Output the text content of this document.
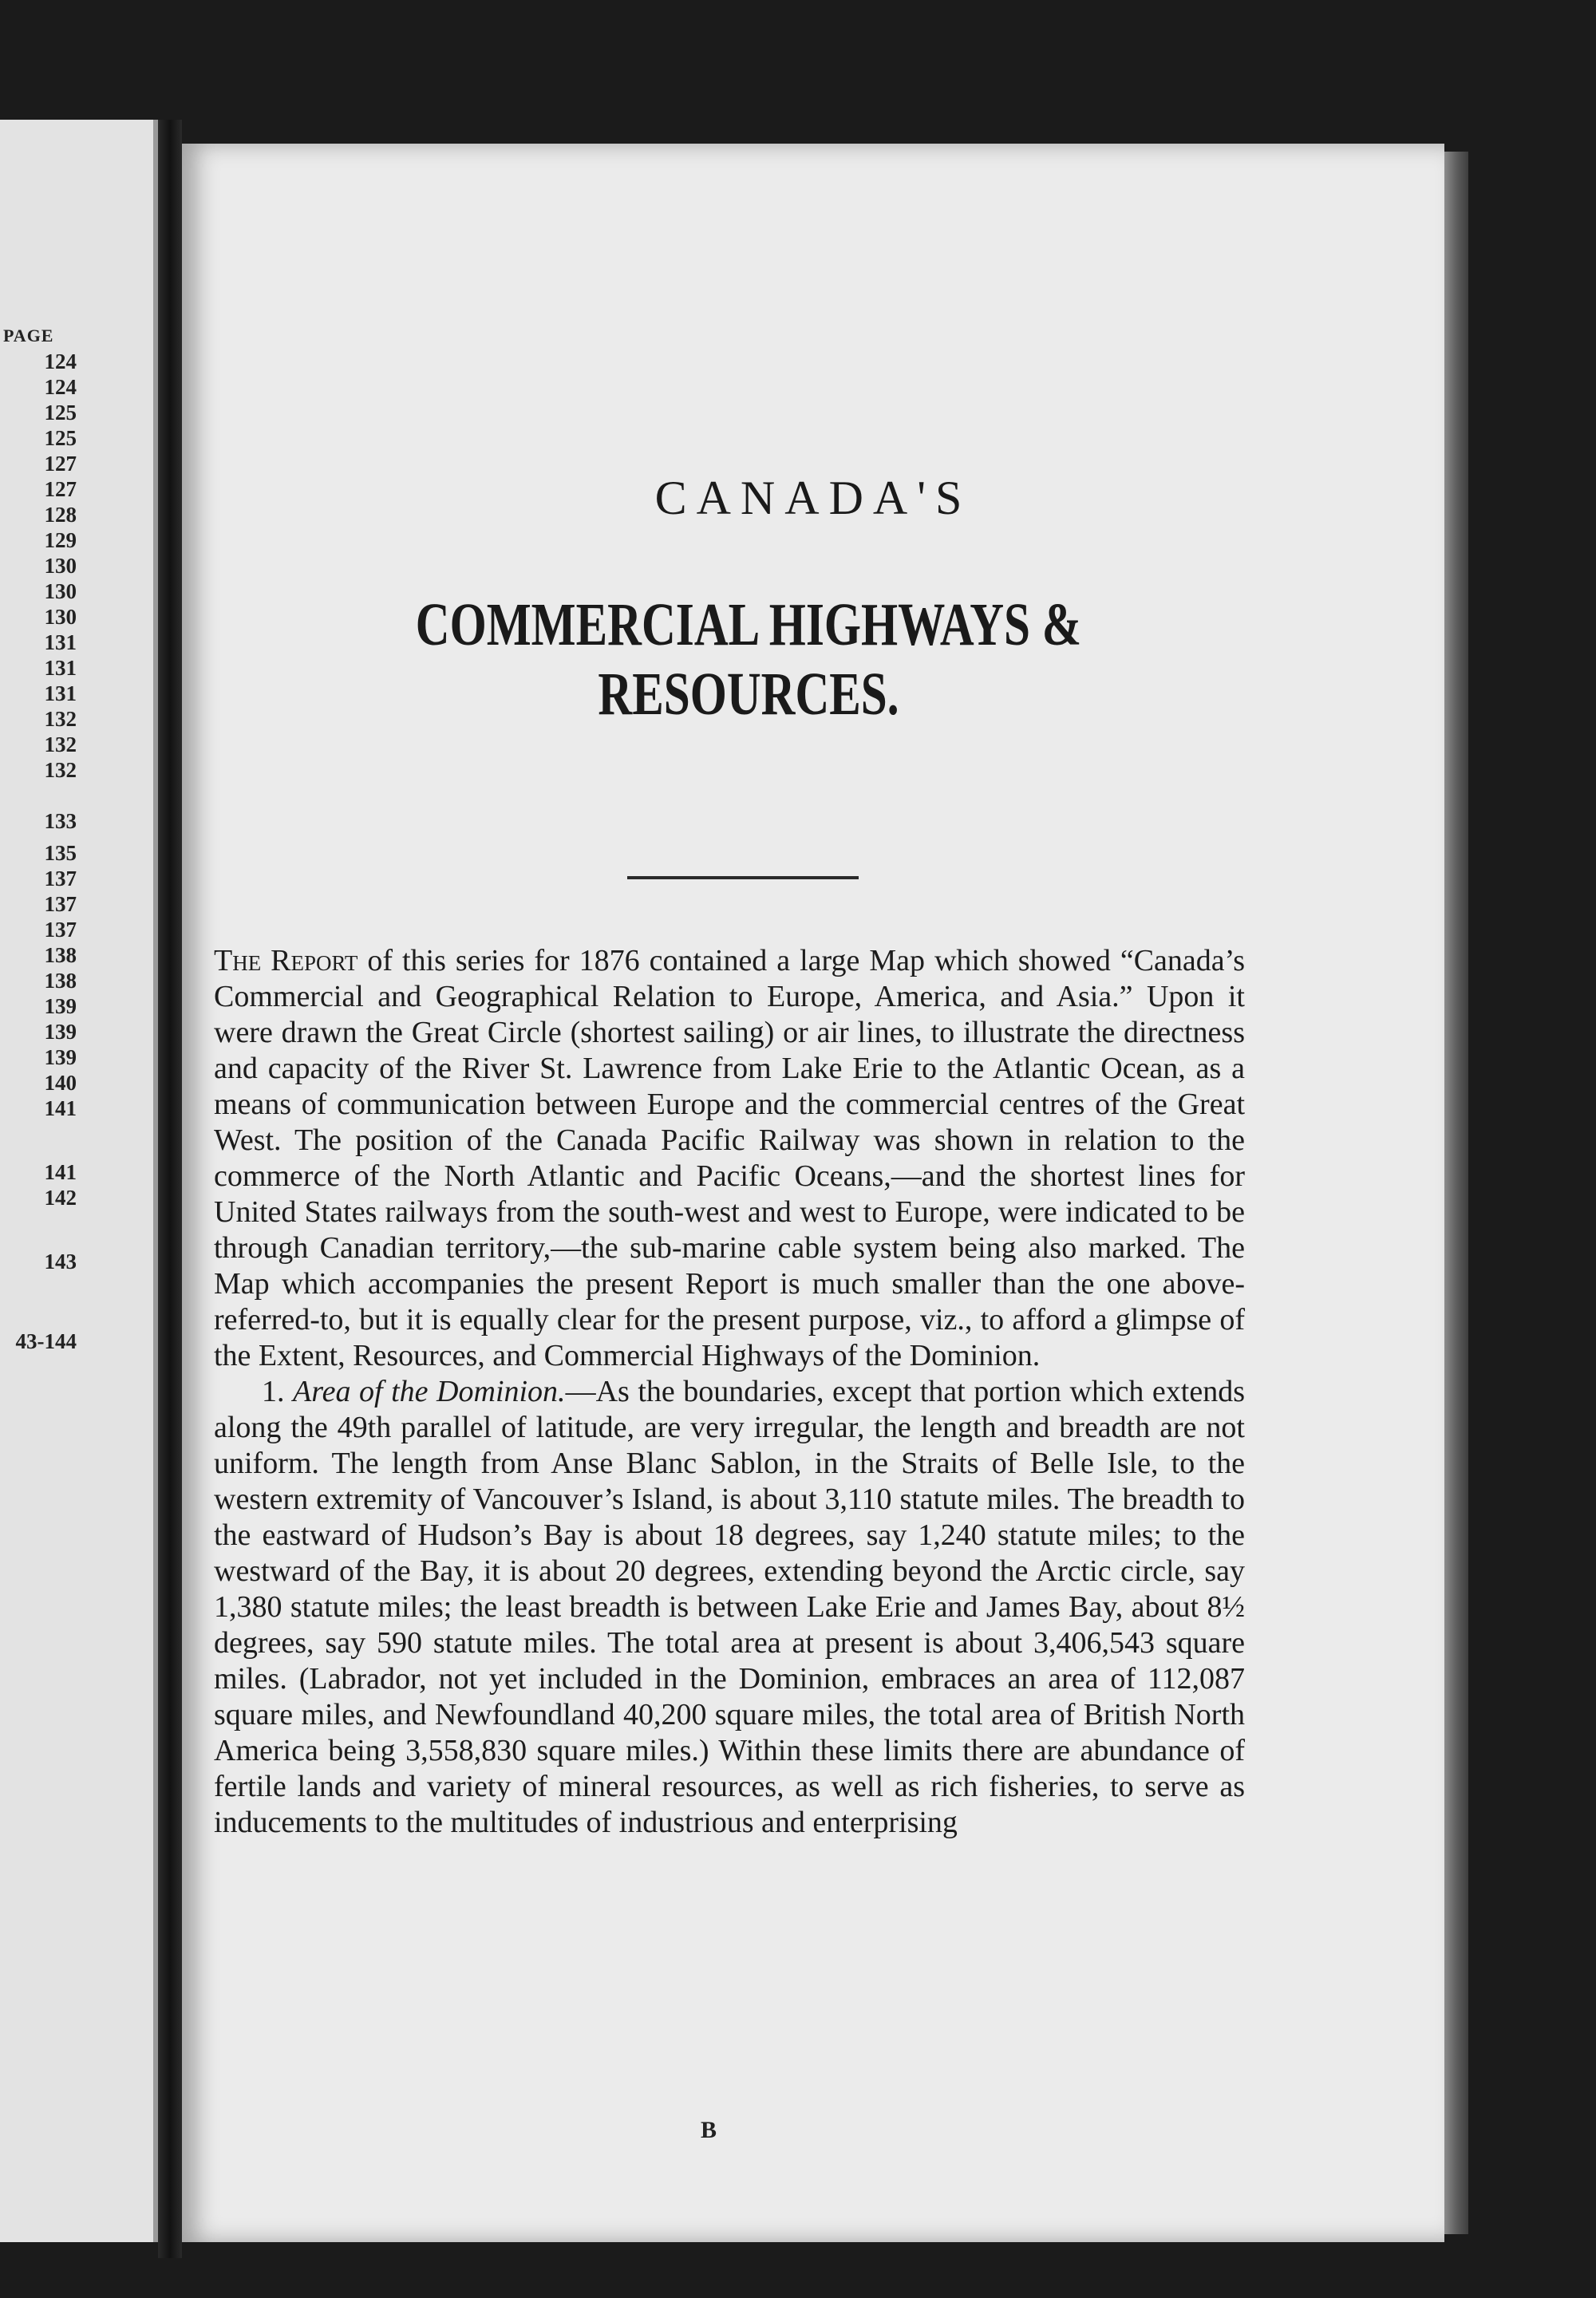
PAGE
124
124
125
125
127
127
128
129
130
130
130
131
131
131
132
132
132
133
135
137
137
137
138
138
139
139
139
140
141
141
142
143
43-144
CANADA'S
COMMERCIAL HIGHWAYS & RESOURCES.

The Report of this series for 1876 contained a large Map which showed “Canada’s Commercial and Geographical Relation to Europe, America, and Asia.” Upon it were drawn the Great Circle (shortest sailing) or air lines, to illustrate the directness and capacity of the River St. Lawrence from Lake Erie to the Atlantic Ocean, as a means of communication between Europe and the commercial centres of the Great West. The position of the Canada Pacific Railway was shown in relation to the commerce of the North Atlantic and Pacific Oceans,—and the shortest lines for United States railways from the south-west and west to Europe, were indicated to be through Canadian territory,—the sub-marine cable system being also marked. The Map which accompanies the present Report is much smaller than the one above-referred-to, but it is equally clear for the present purpose, viz., to afford a glimpse of the Extent, Resources, and Commercial Highways of the Dominion.

1. Area of the Dominion.—As the boundaries, except that portion which extends along the 49th parallel of latitude, are very irregular, the length and breadth are not uniform. The length from Anse Blanc Sablon, in the Straits of Belle Isle, to the western extremity of Vancouver’s Island, is about 3,110 statute miles. The breadth to the eastward of Hudson’s Bay is about 18 degrees, say 1,240 statute miles; to the westward of the Bay, it is about 20 degrees, extending beyond the Arctic circle, say 1,380 statute miles; the least breadth is between Lake Erie and James Bay, about 8½ degrees, say 590 statute miles. The total area at present is about 3,406,543 square miles. (Labrador, not yet included in the Dominion, embraces an area of 112,087 square miles, and Newfoundland 40,200 square miles, the total area of British North America being 3,558,830 square miles.) Within these limits there are abundance of fertile lands and variety of mineral resources, as well as rich fisheries, to serve as inducements to the multitudes of industrious and enterprising

B
